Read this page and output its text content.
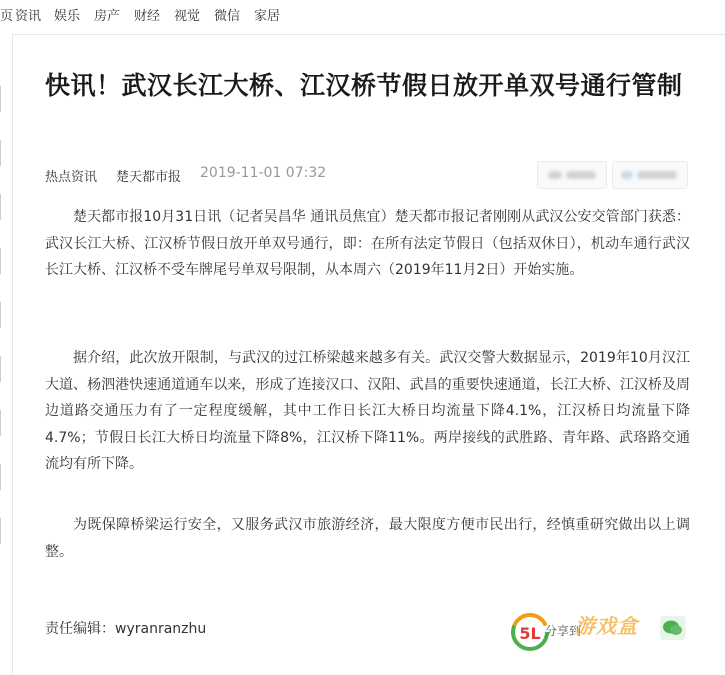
页 资讯 娱乐 房产 财经 视觉 微信 家居
快讯！武汉长江大桥、江汉桥节假日放开单双号通行管制
热点资讯 楚天都市报 2019-11-01 07:32
楚天都市报10月31日讯（记者吴昌华 通讯员焦宜）楚天都市报记者刚刚从武汉公安交管部门获悉：武汉长江大桥、江汉桥节假日放开单双号通行，即：在所有法定节假日（包括双休日），机动车通行武汉长江大桥、江汉桥不受车牌尾号单双号限制，从本周六（2019年11月2日）开始实施。
据介绍，此次放开限制，与武汉的过江桥梁越来越多有关。武汉交警大数据显示，2019年10月汉江大道、杨泗港快速通道通车以来，形成了连接汉口、汉阳、武昌的重要快速通道，长江大桥、江汉桥及周边道路交通压力有了一定程度缓解，其中工作日长江大桥日均流量下降4.1%，江汉桥日均流量下降4.7%；节假日长江大桥日均流量下降8%，江汉桥下降11%。两岸接线的武胜路、青年路、武珞路交通流均有所下降。
为既保障桥梁运行安全，又服务武汉市旅游经济，最大限度方便市民出行，经慎重研究做出以上调整。
责任编辑：wyranranzhu	5L 分享到
游戏盒
